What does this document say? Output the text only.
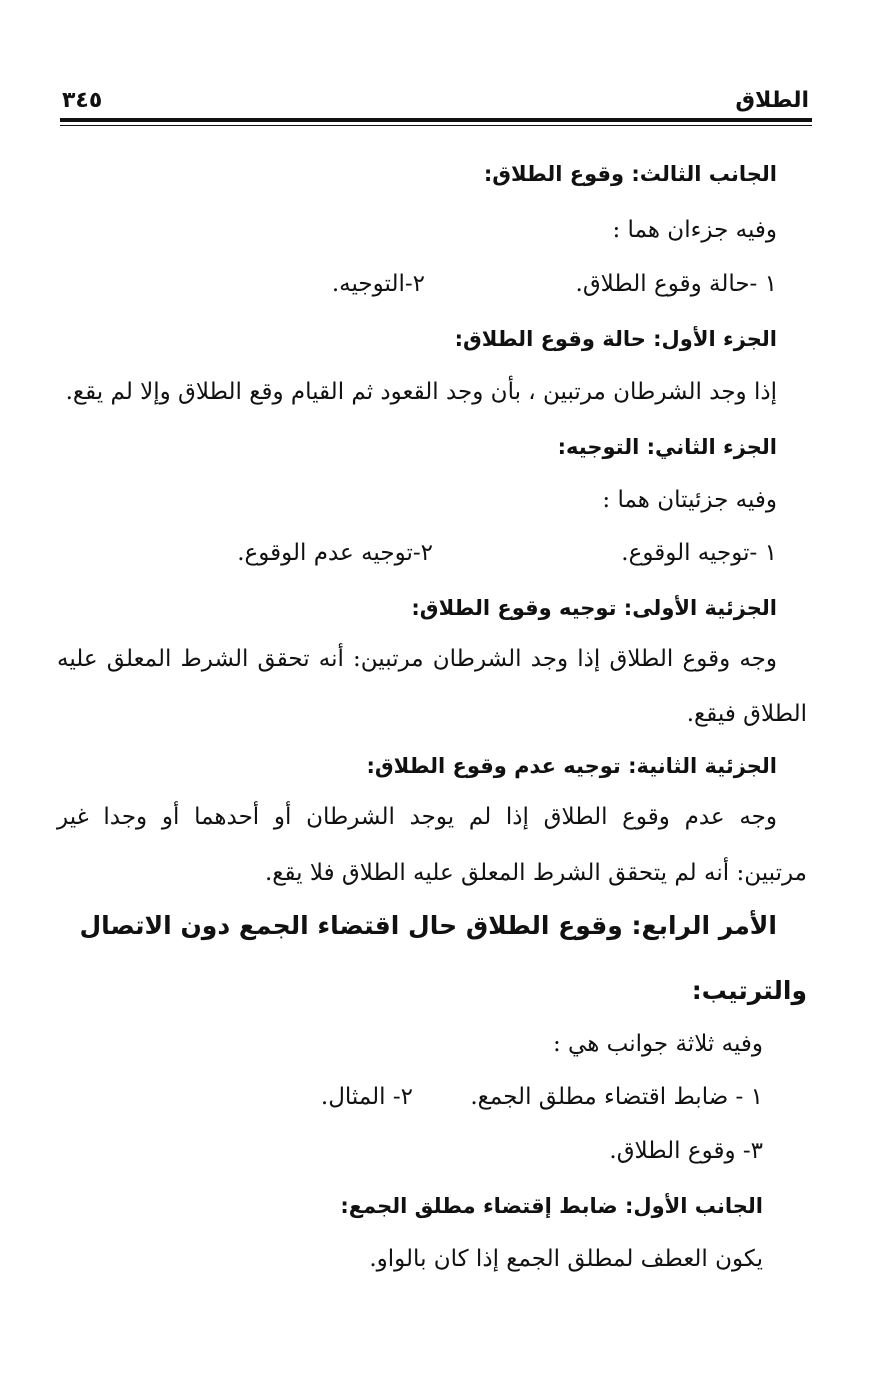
الطلاق
٣٤٥
الجانب الثالث: وقوع الطلاق:
وفيه جزءان هما :
١ -حالة وقوع الطلاق.
٢-التوجيه.
الجزء الأول: حالة وقوع الطلاق:
إذا وجد الشرطان مرتبين ، بأن وجد القعود ثم القيام وقع الطلاق وإلا لم يقع.
الجزء الثاني: التوجيه:
وفيه جزئيتان هما :
١ -توجيه الوقوع.
٢-توجيه عدم الوقوع.
الجزئية الأولى: توجيه وقوع الطلاق:
وجه وقوع الطلاق إذا وجد الشرطان مرتبين: أنه تحقق الشرط المعلق عليه
الطلاق فيقع.
الجزئية الثانية: توجيه عدم وقوع الطلاق:
وجه عدم وقوع الطلاق إذا لم يوجد الشرطان أو أحدهما أو وجدا غير
مرتبين: أنه لم يتحقق الشرط المعلق عليه الطلاق فلا يقع.
الأمر الرابع: وقوع الطلاق حال اقتضاء الجمع دون الاتصال
والترتيب:
وفيه ثلاثة جوانب هي :
١ - ضابط اقتضاء مطلق الجمع.
٢- المثال.
٣- وقوع الطلاق.
الجانب الأول: ضابط إقتضاء مطلق الجمع:
يكون العطف لمطلق الجمع إذا كان بالواو.
